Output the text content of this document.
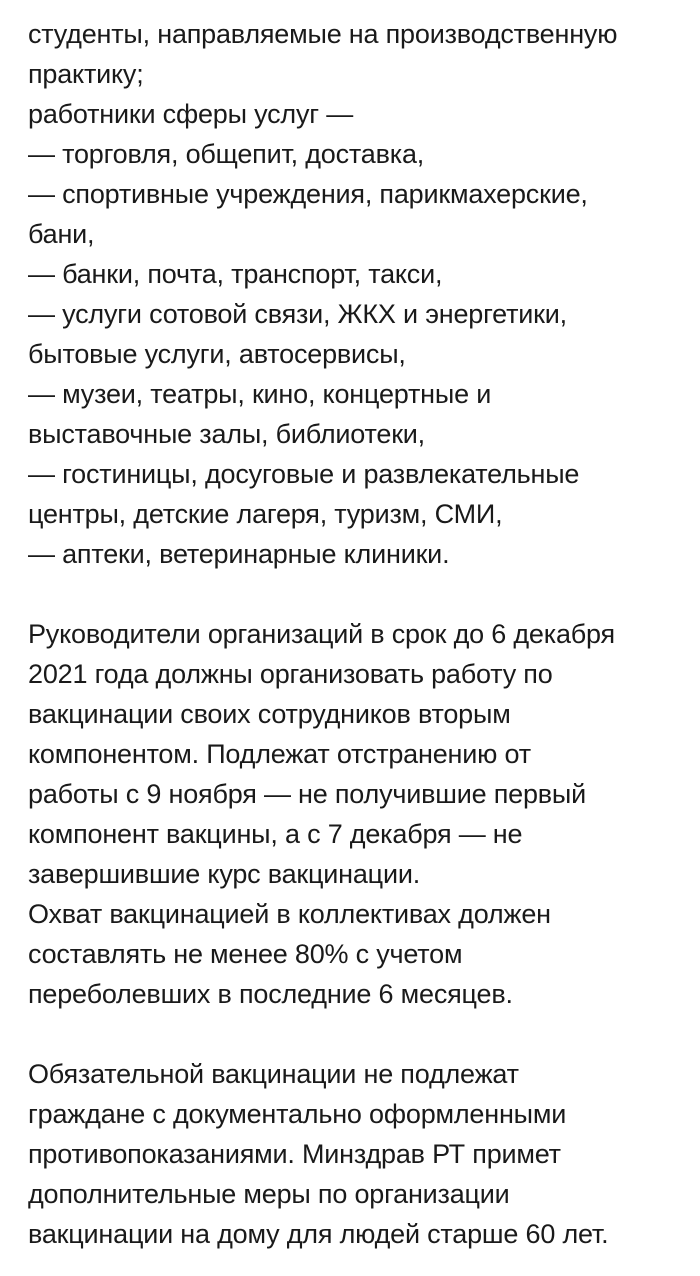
студенты, направляемые на производственную
практику;
работники сферы услуг —
— торговля, общепит, доставка,
— спортивные учреждения, парикмахерские,
бани,
— банки, почта, транспорт, такси,
— услуги сотовой связи, ЖКХ и энергетики,
бытовые услуги, автосервисы,
— музеи, театры, кино, концертные и
выставочные залы, библиотеки,
— гостиницы, досуговые и развлекательные
центры, детские лагеря, туризм, СМИ,
— аптеки, ветеринарные клиники.
Руководители организаций в срок до 6 декабря
2021 года должны организовать работу по
вакцинации своих сотрудников вторым
компонентом. Подлежат отстранению от
работы с 9 ноября — не получившие первый
компонент вакцины, а с 7 декабря — не
завершившие курс вакцинации.
Охват вакцинацией в коллективах должен
составлять не менее 80% с учетом
переболевших в последние 6 месяцев.
Обязательной вакцинации не подлежат
граждане с документально оформленными
противопоказаниями. Минздрав РТ примет
дополнительные меры по организации
вакцинации на дому для людей старше 60 лет.
